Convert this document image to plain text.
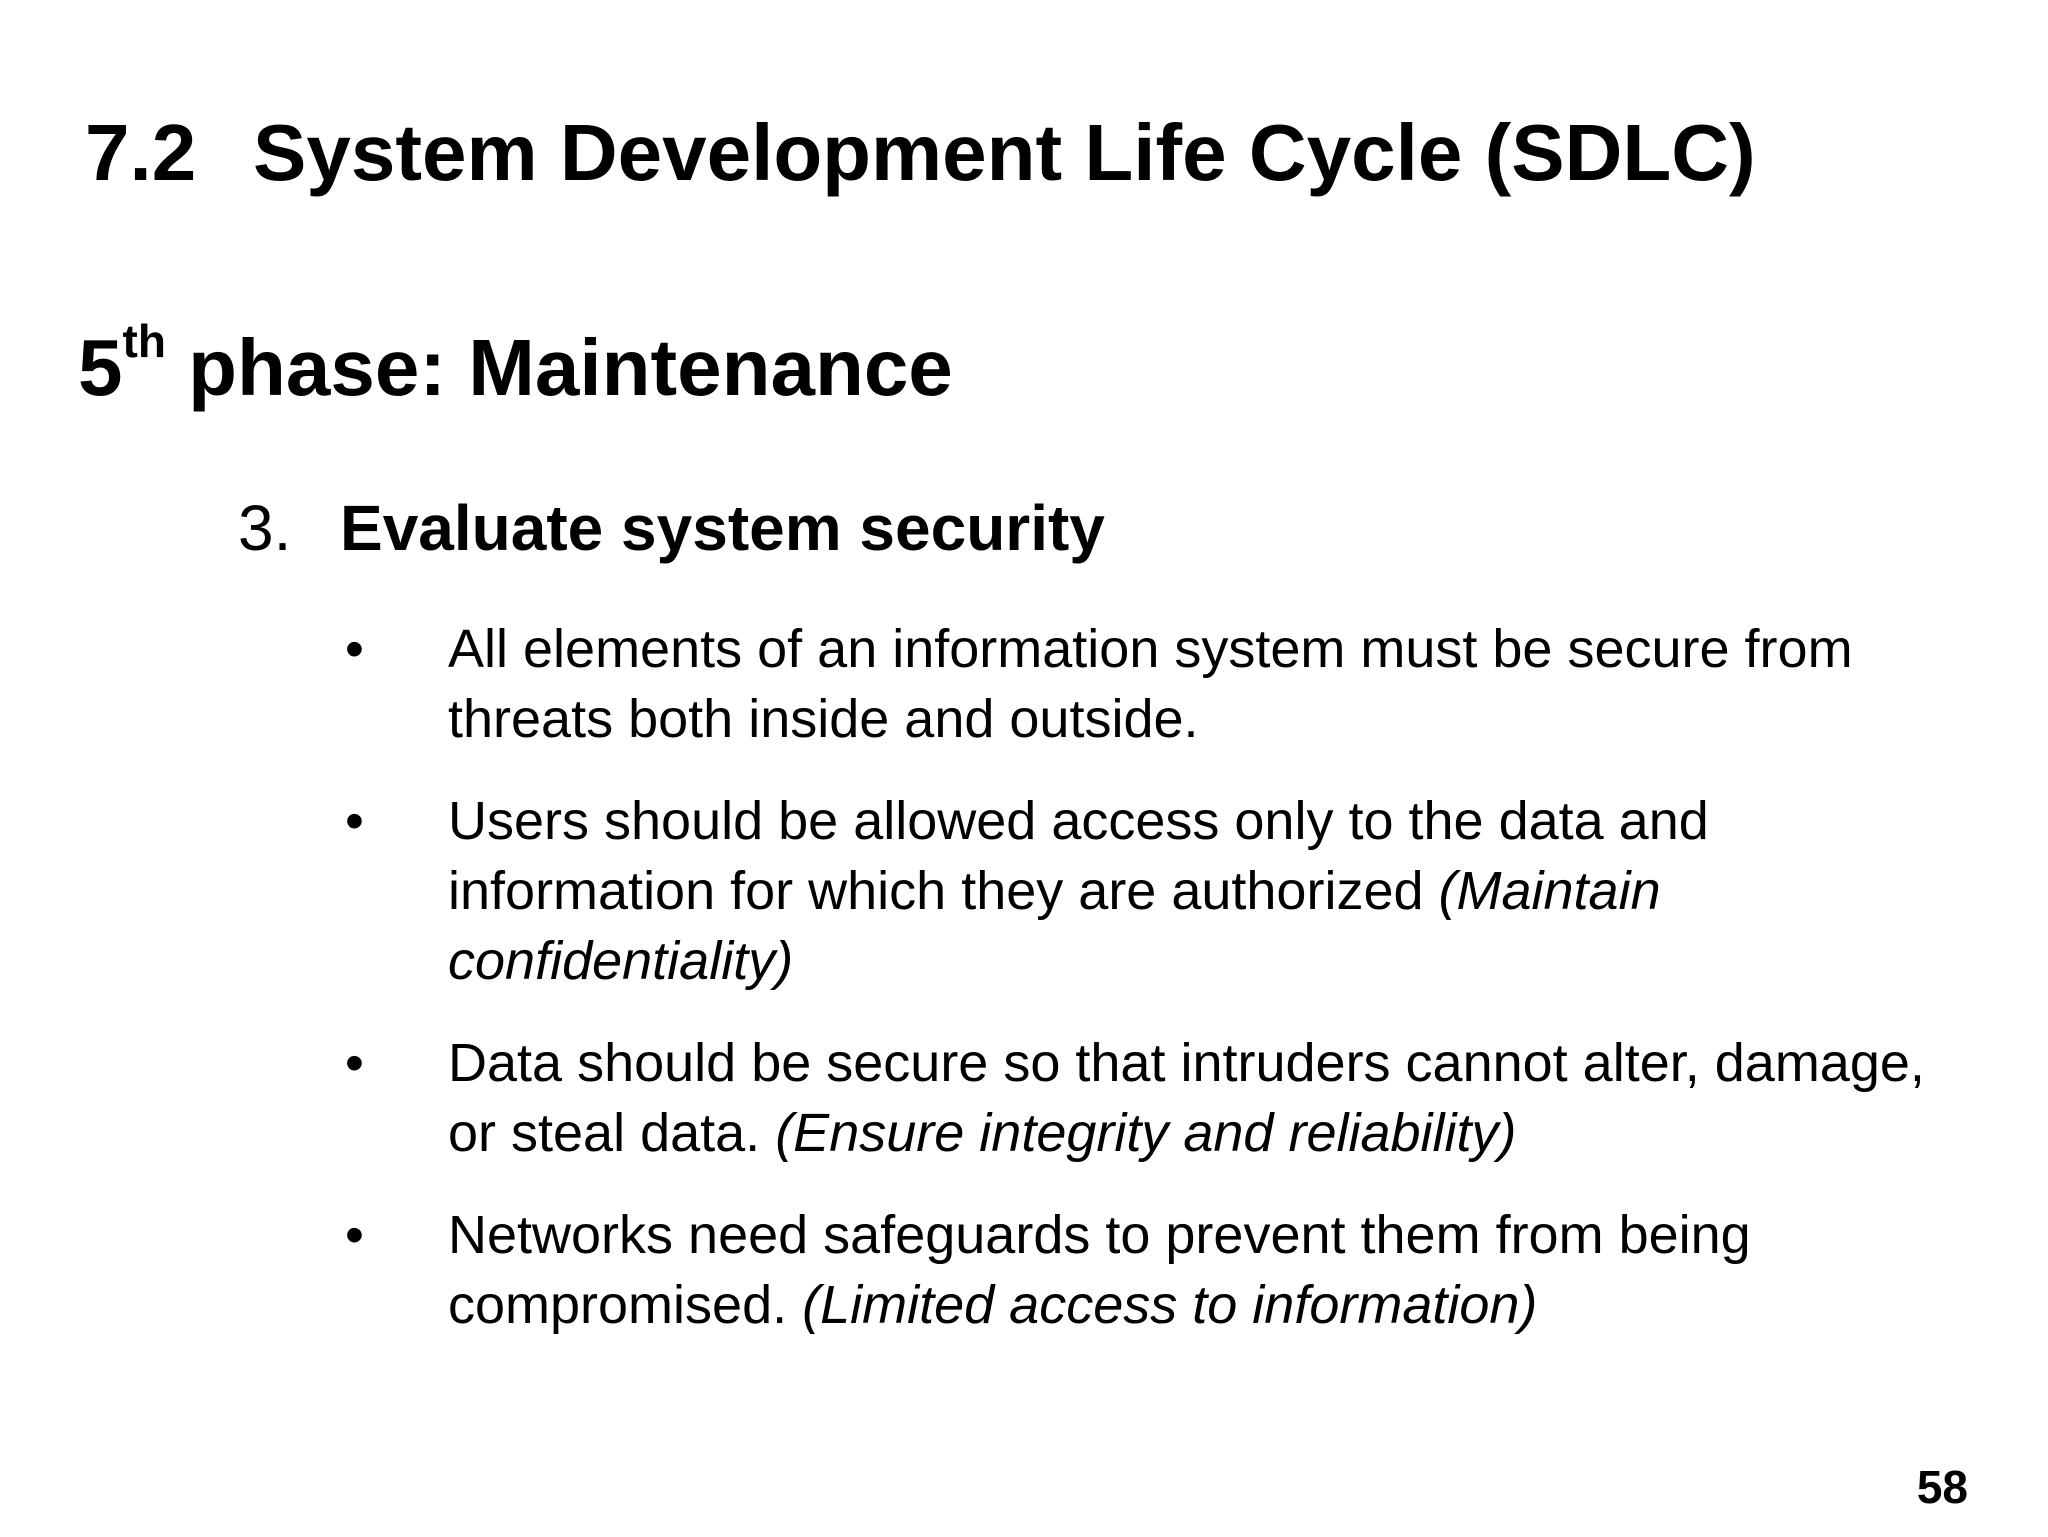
7.2 System Development Life Cycle (SDLC)
5th phase: Maintenance
3. Evaluate system security
• All elements of an information system must be secure from threats both inside and outside.
• Users should be allowed access only to the data and information for which they are authorized (Maintain confidentiality)
• Data should be secure so that intruders cannot alter, damage, or steal data. (Ensure integrity and reliability)
• Networks need safeguards to prevent them from being compromised. (Limited access to information)
58
